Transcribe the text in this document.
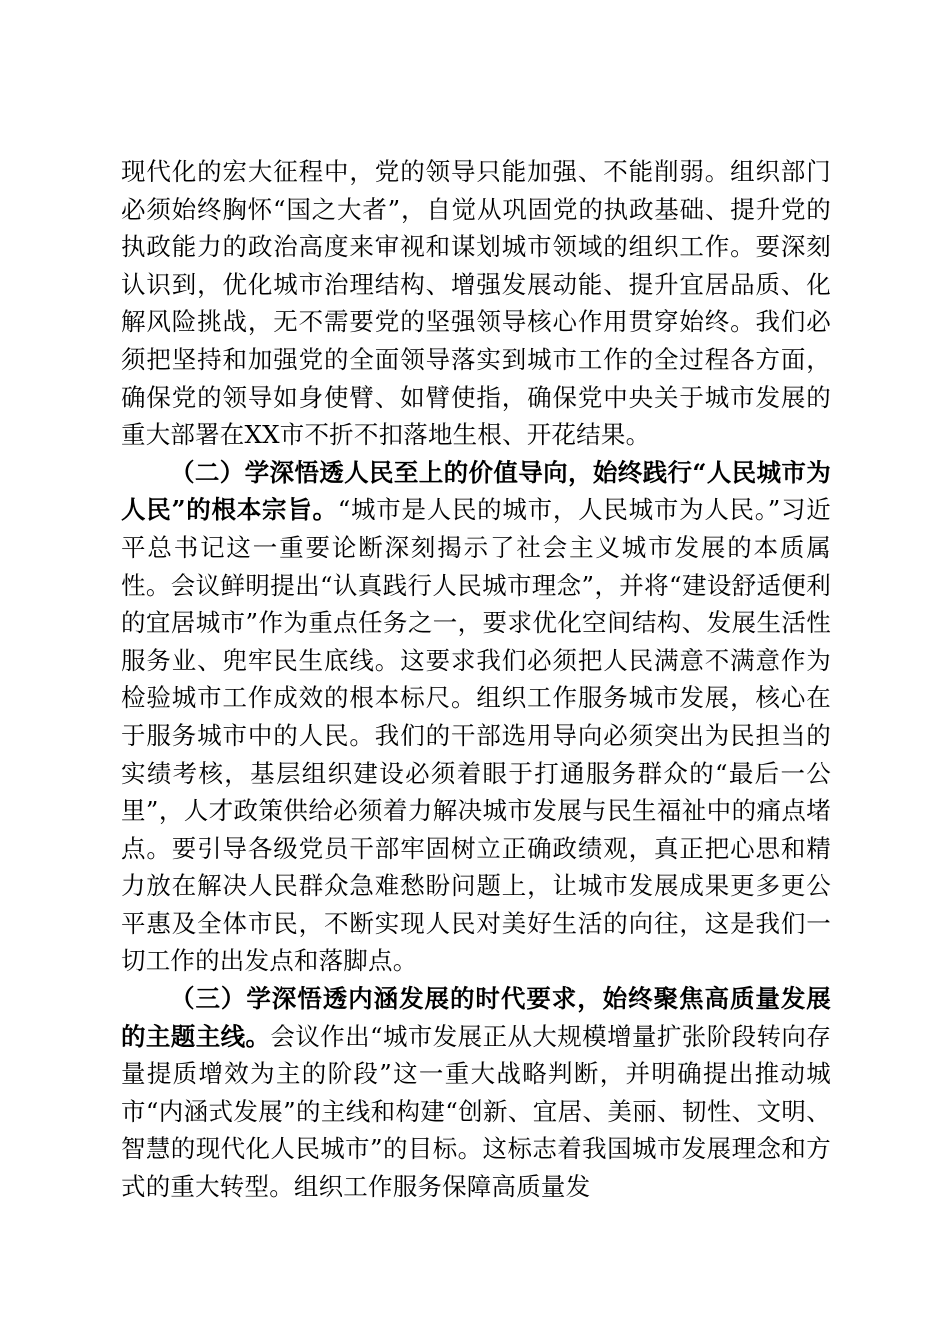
现代化的宏大征程中，党的领导只能加强、不能削弱。组织部门必须始终胸怀“国之大者”，自觉从巩固党的执政基础、提升党的执政能力的政治高度来审视和谋划城市领域的组织工作。要深刻认识到，优化城市治理结构、增强发展动能、提升宜居品质、化解风险挑战，无不需要党的坚强领导核心作用贯穿始终。我们必须把坚持和加强党的全面领导落实到城市工作的全过程各方面，确保党的领导如身使臂、如臂使指，确保党中央关于城市发展的重大部署在XX市不折不扣落地生根、开花结果。

（二）学深悟透人民至上的价值导向，始终践行“人民城市为人民”的根本宗旨。“城市是人民的城市，人民城市为人民。”习近平总书记这一重要论断深刻揭示了社会主义城市发展的本质属性。会议鲜明提出“认真践行人民城市理念”，并将“建设舒适便利的宜居城市”作为重点任务之一，要求优化空间结构、发展生活性服务业、兜牢民生底线。这要求我们必须把人民满意不满意作为检验城市工作成效的根本标尺。组织工作服务城市发展，核心在于服务城市中的人民。我们的干部选用导向必须突出为民担当的实绩考核，基层组织建设必须着眼于打通服务群众的“最后一公里”，人才政策供给必须着力解决城市发展与民生福祉中的痛点堵点。要引导各级党员干部牢固树立正确政绩观，真正把心思和精力放在解决人民群众急难愁盼问题上，让城市发展成果更多更公平惠及全体市民，不断实现人民对美好生活的向往，这是我们一切工作的出发点和落脚点。

（三）学深悟透内涵发展的时代要求，始终聚焦高质量发展的主题主线。会议作出“城市发展正从大规模增量扩张阶段转向存量提质增效为主的阶段”这一重大战略判断，并明确提出推动城市“内涵式发展”的主线和构建“创新、宜居、美丽、韧性、文明、智慧的现代化人民城市”的目标。这标志着我国城市发展理念和方式的重大转型。组织工作服务保障高质量发
